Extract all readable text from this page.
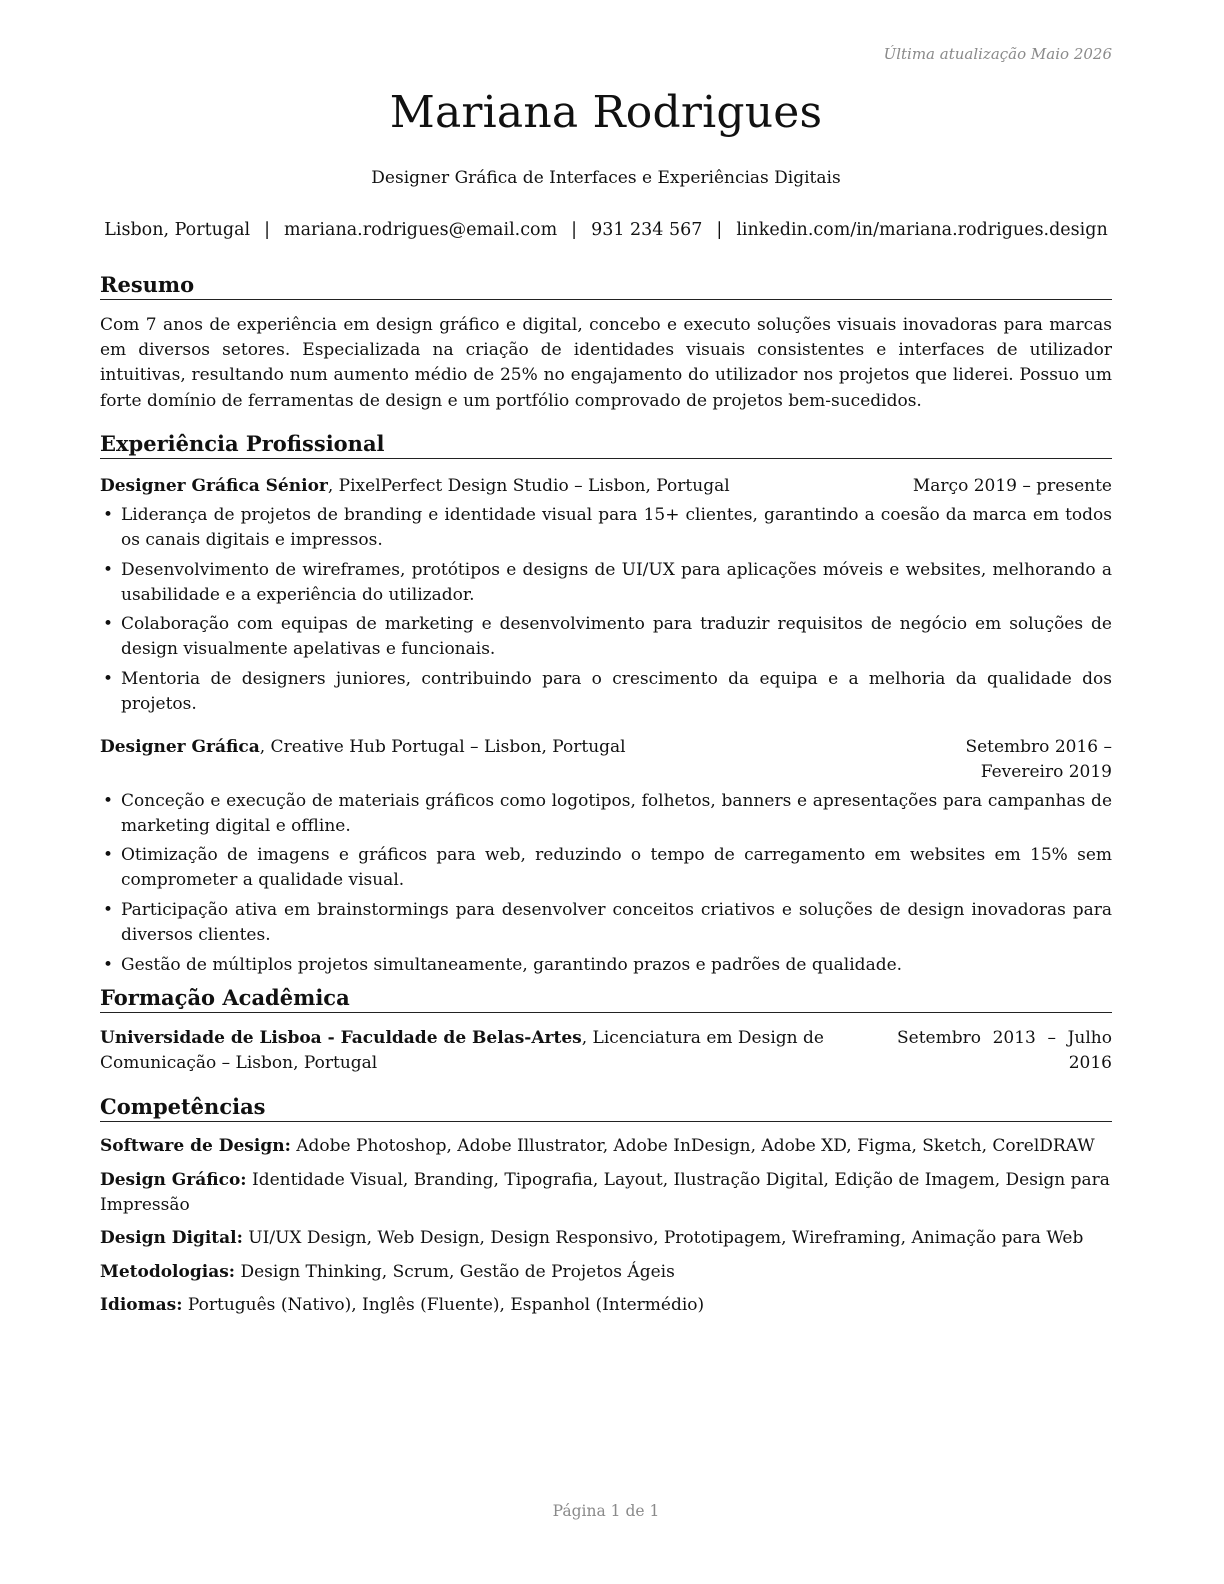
Última atualização Maio 2026
Mariana Rodrigues
Designer Gráfica de Interfaces e Experiências Digitais
Lisbon, Portugal | mariana.rodrigues@email.com | 931 234 567 | linkedin.com/in/mariana.rodrigues.design
Resumo

Com 7 anos de experiência em design gráfico e digital, concebo e executo soluções visuais inovadoras para marcas em diversos setores. Especializada na criação de identidades visuais consistentes e interfaces de utilizador intuitivas, resultando num aumento médio de 25% no engajamento do utilizador nos projetos que liderei. Possuo um forte domínio de ferramentas de design e um portfólio comprovado de projetos bem-sucedidos.

Experiência Profissional
Designer Gráfica Sénior, PixelPerfect Design Studio – Lisbon, Portugal	Março 2019 – presente
• Liderança de projetos de branding e identidade visual para 15+ clientes, garantindo a coesão da marca em todos os canais digitais e impressos.
• Desenvolvimento de wireframes, protótipos e designs de UI/UX para aplicações móveis e websites, melhorando a usabilidade e a experiência do utilizador.
• Colaboração com equipas de marketing e desenvolvimento para traduzir requisitos de negócio em soluções de design visualmente apelativas e funcionais.
• Mentoria de designers juniores, contribuindo para o crescimento da equipa e a melhoria da qualidade dos projetos.
Designer Gráfica, Creative Hub Portugal – Lisbon, Portugal	Setembro 2016 – Fevereiro 2019
• Conceção e execução de materiais gráficos como logotipos, folhetos, banners e apresentações para campanhas de marketing digital e offline.
• Otimização de imagens e gráficos para web, reduzindo o tempo de carregamento em websites em 15% sem comprometer a qualidade visual.
• Participação ativa em brainstormings para desenvolver conceitos criativos e soluções de design inovadoras para diversos clientes.
• Gestão de múltiplos projetos simultaneamente, garantindo prazos e padrões de qualidade.
Formação Acadêmica
Universidade de Lisboa - Faculdade de Belas-Artes, Licenciatura em Design de Comunicação – Lisbon, Portugal
Setembro 2013 – Julho 2016
Competências
Software de Design: Adobe Photoshop, Adobe Illustrator, Adobe InDesign, Adobe XD, Figma, Sketch, CorelDRAW
Design Gráfico: Identidade Visual, Branding, Tipografia, Layout, Ilustração Digital, Edição de Imagem, Design para Impressão
Design Digital: UI/UX Design, Web Design, Design Responsivo, Prototipagem, Wireframing, Animação para Web
Metodologias: Design Thinking, Scrum, Gestão de Projetos Ágeis
Idiomas: Português (Nativo), Inglês (Fluente), Espanhol (Intermédio)
Página 1 de 1
